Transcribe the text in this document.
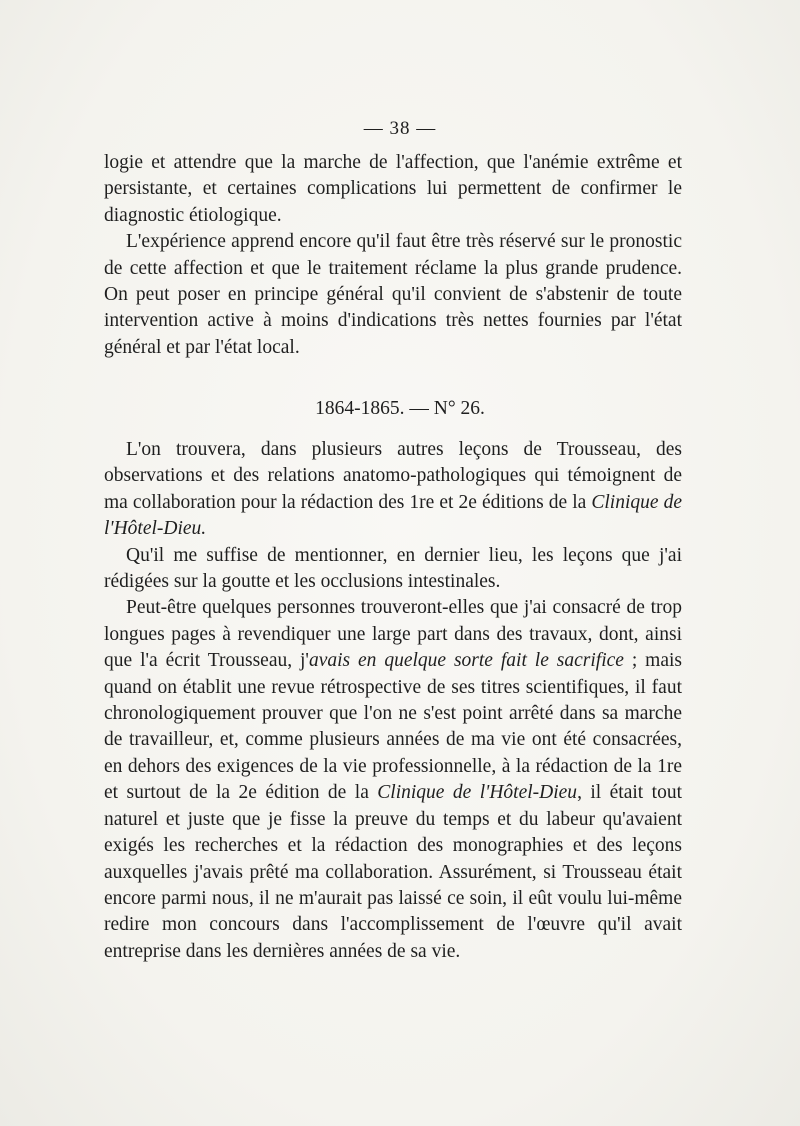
— 38 —

logie et attendre que la marche de l'affection, que l'anémie extrême et persistante, et certaines complications lui permettent de confirmer le diagnostic étiologique.

L'expérience apprend encore qu'il faut être très réservé sur le pronostic de cette affection et que le traitement réclame la plus grande prudence. On peut poser en principe général qu'il convient de s'abstenir de toute intervention active à moins d'indications très nettes fournies par l'état général et par l'état local.

1864-1865. — N° 26.

L'on trouvera, dans plusieurs autres leçons de Trousseau, des observations et des relations anatomo-pathologiques qui témoignent de ma collaboration pour la rédaction des 1re et 2e éditions de la Clinique de l'Hôtel-Dieu.

Qu'il me suffise de mentionner, en dernier lieu, les leçons que j'ai rédigées sur la goutte et les occlusions intestinales.

Peut-être quelques personnes trouveront-elles que j'ai consacré de trop longues pages à revendiquer une large part dans des travaux, dont, ainsi que l'a écrit Trousseau, j'avais en quelque sorte fait le sacrifice ; mais quand on établit une revue rétrospective de ses titres scientifiques, il faut chronologiquement prouver que l'on ne s'est point arrêté dans sa marche de travailleur, et, comme plusieurs années de ma vie ont été consacrées, en dehors des exigences de la vie professionnelle, à la rédaction de la 1re et surtout de la 2e édition de la Clinique de l'Hôtel-Dieu, il était tout naturel et juste que je fisse la preuve du temps et du labeur qu'avaient exigés les recherches et la rédaction des monographies et des leçons auxquelles j'avais prêté ma collaboration. Assurément, si Trousseau était encore parmi nous, il ne m'aurait pas laissé ce soin, il eût voulu lui-même redire mon concours dans l'accomplissement de l'œuvre qu'il avait entreprise dans les dernières années de sa vie.
